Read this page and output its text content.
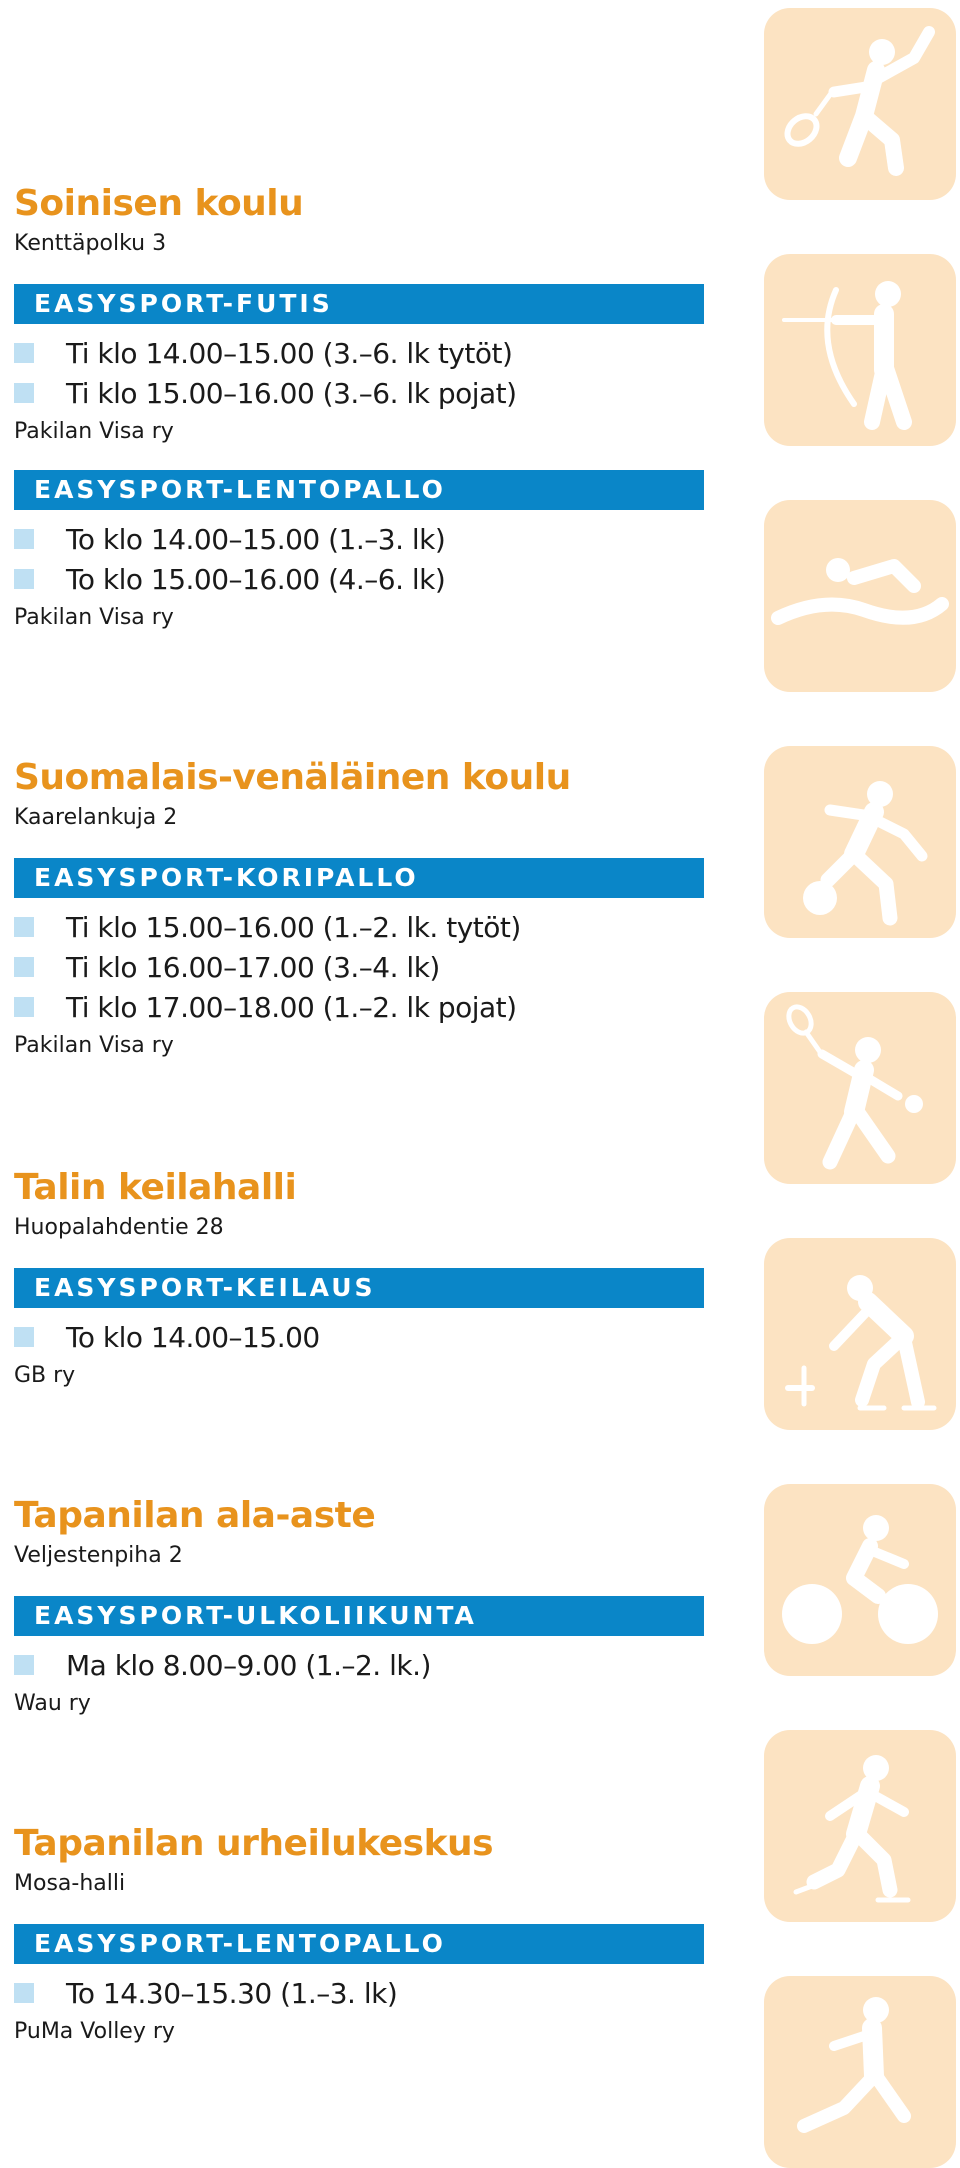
Soinisen koulu
Kenttäpolku 3
EASYSPORT-FUTIS
Ti klo 14.00–15.00 (3.–6. lk tytöt)
Ti klo 15.00–16.00 (3.–6. lk pojat)
Pakilan Visa ry
EASYSPORT-LENTOPALLO
To klo 14.00–15.00 (1.–3. lk)
To klo 15.00–16.00 (4.–6. lk)
Pakilan Visa ry
Suomalais-venäläinen koulu
Kaarelankuja 2
EASYSPORT-KORIPALLO
Ti klo 15.00–16.00 (1.–2. lk. tytöt)
Ti klo 16.00–17.00 (3.–4. lk)
Ti klo 17.00–18.00 (1.–2. lk pojat)
Pakilan Visa ry
Talin keilahalli
Huopalahdentie 28
EASYSPORT-KEILAUS
To klo 14.00–15.00
GB ry
Tapanilan ala-aste
Veljestenpiha 2
EASYSPORT-ULKOLIIKUNTA
Ma klo 8.00–9.00 (1.–2. lk.)
Wau ry
Tapanilan urheilukeskus
Mosa-halli
EASYSPORT-LENTOPALLO
To 14.30–15.30 (1.–3. lk)
PuMa Volley ry
